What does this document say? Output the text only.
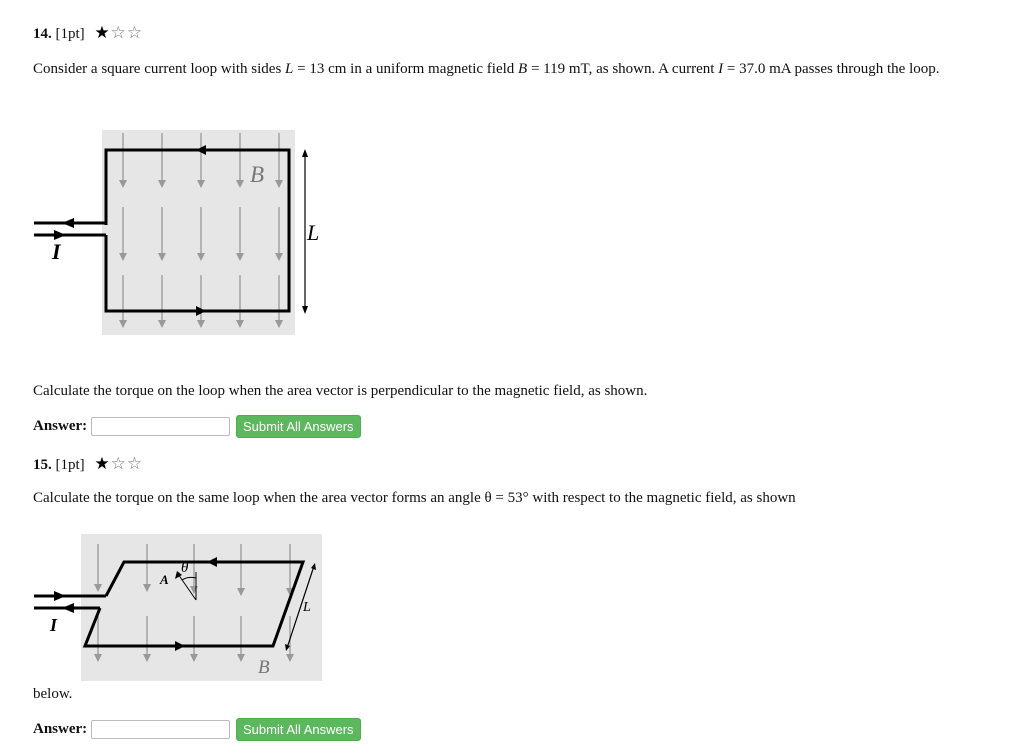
14. [1pt] ★☆☆
Consider a square current loop with sides L = 13 cm in a uniform magnetic field B = 119 mT, as shown. A current I = 37.0 mA passes through the loop.
B
L
I
Calculate the torque on the loop when the area vector is perpendicular to the magnetic field, as shown.
Answer:	Submit All Answers
15. [1pt] ★☆☆
Calculate the torque on the same loop when the area vector forms an angle θ = 53° with respect to the magnetic field, as shown
A
θ
L
B
I
below.
Answer:	Submit All Answers
